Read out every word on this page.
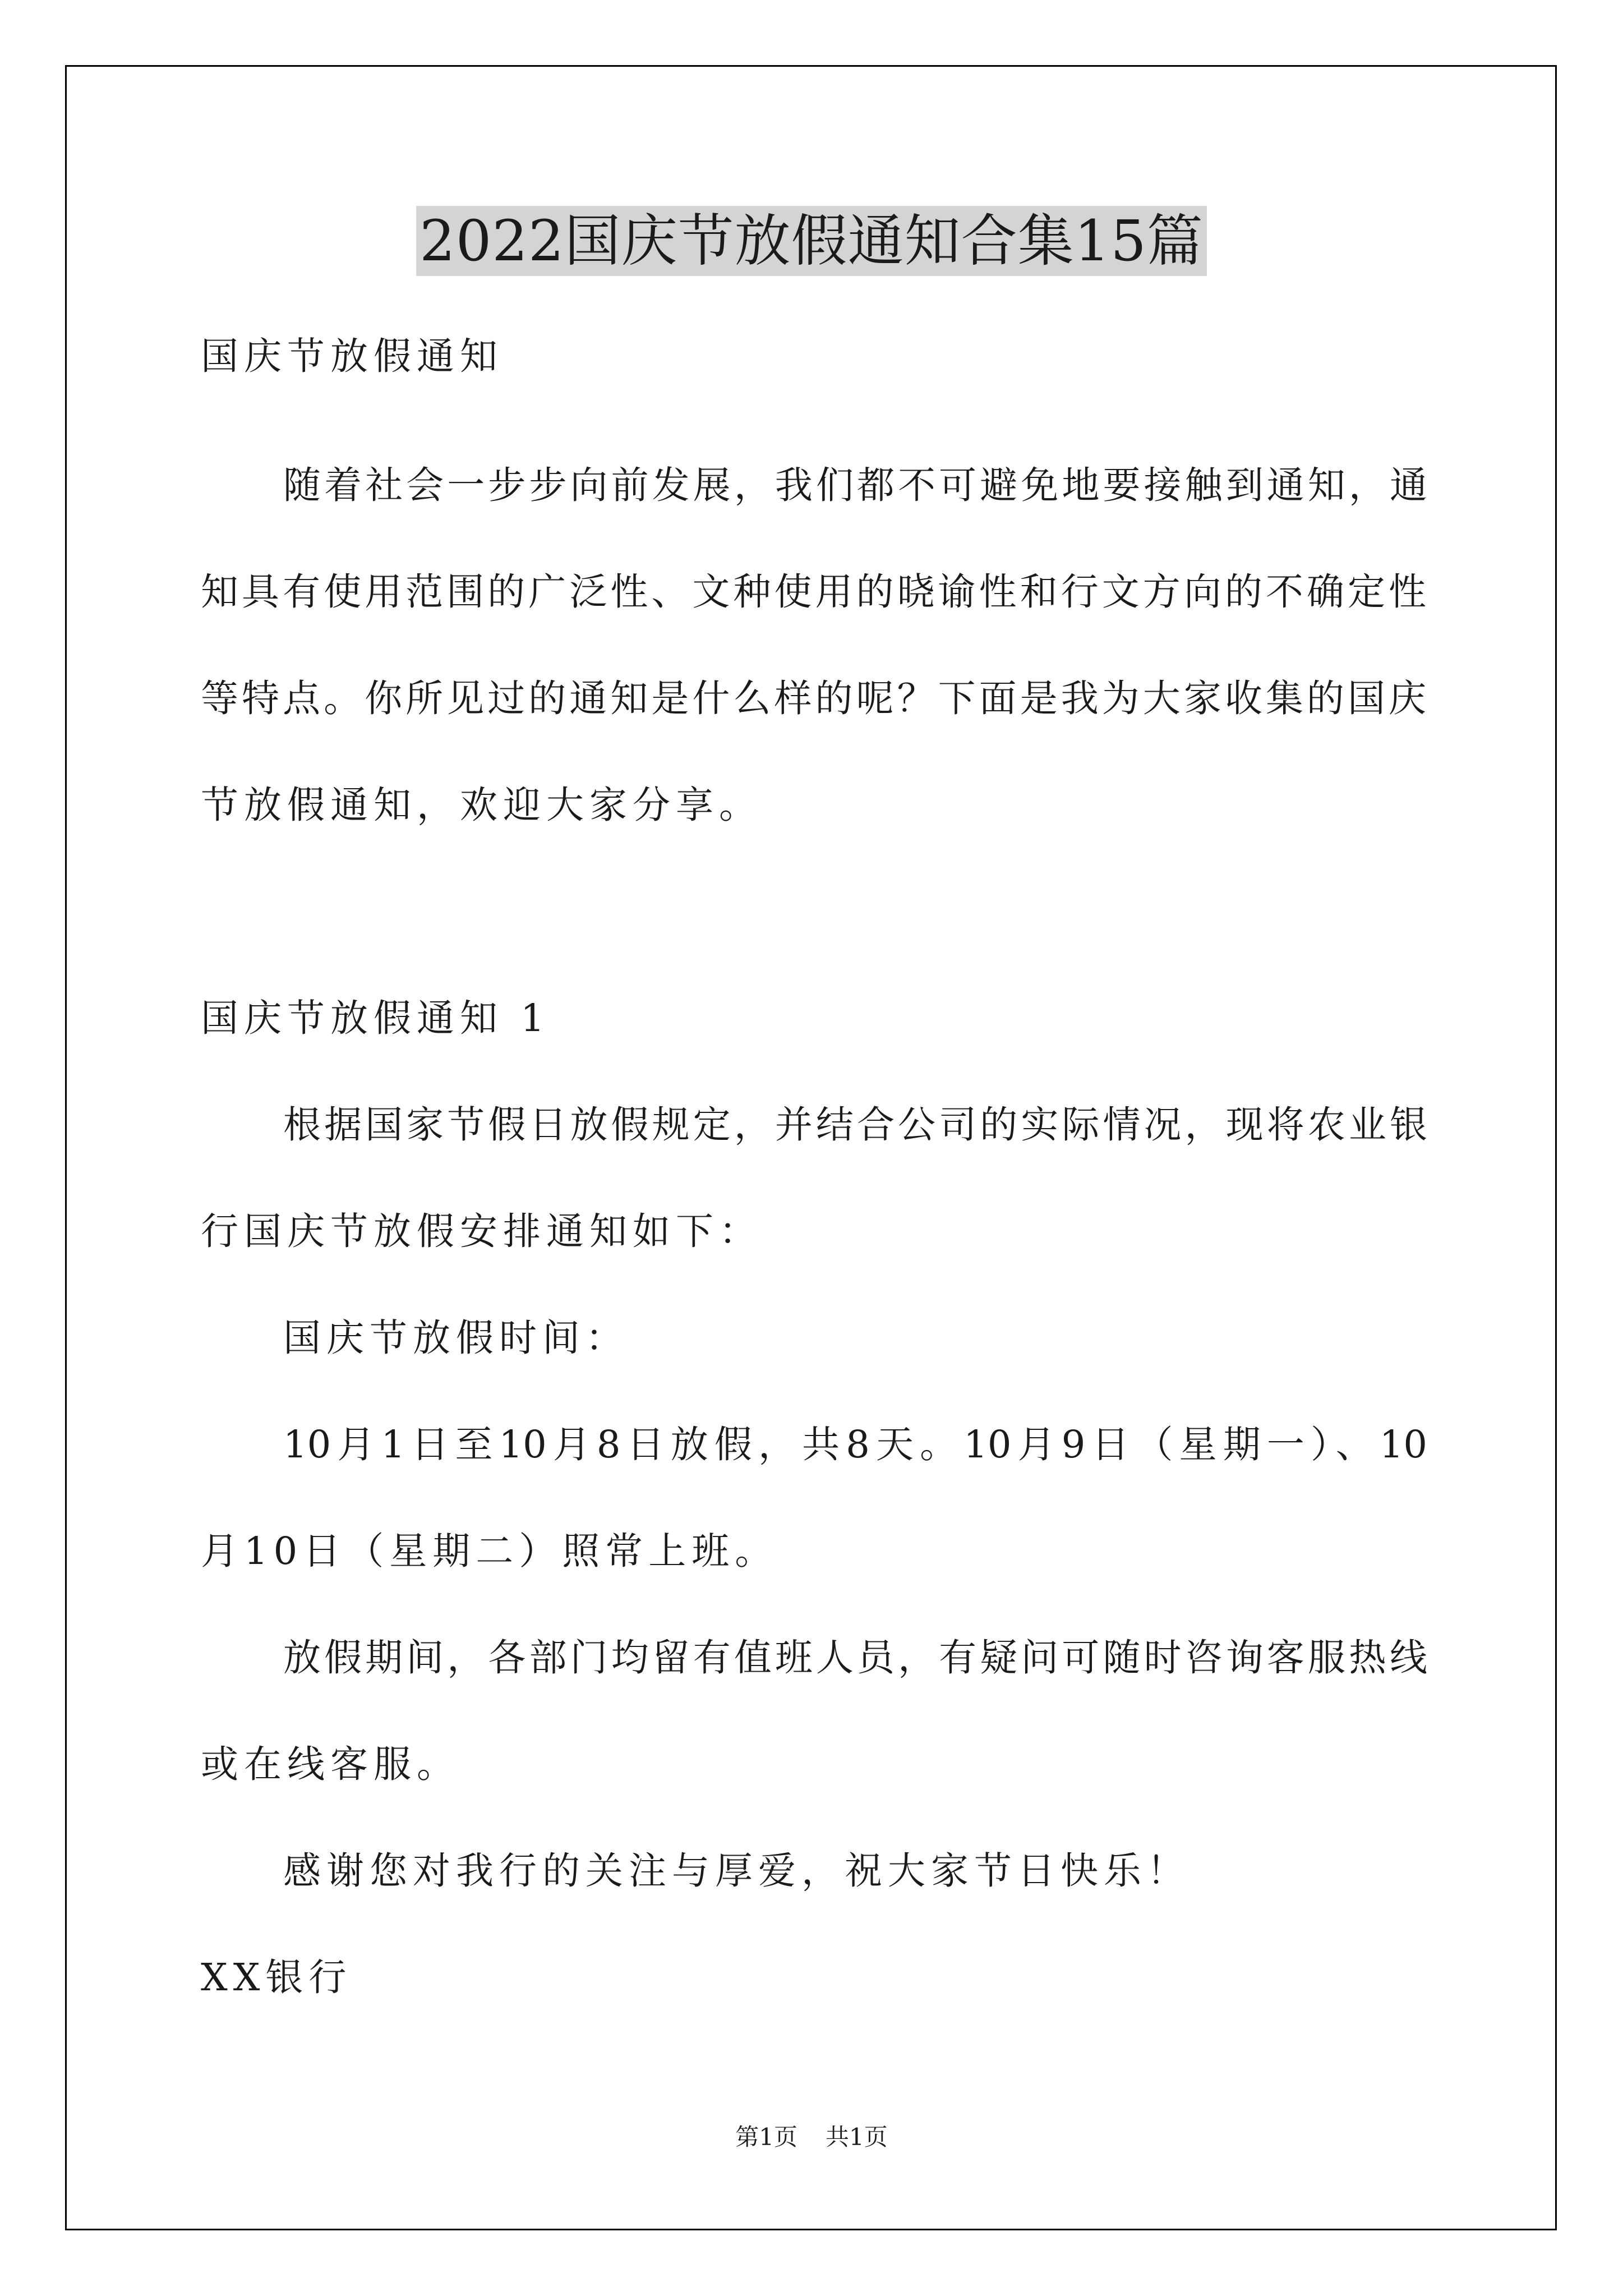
2022国庆节放假通知合集15篇
国庆节放假通知
随着社会一步步向前发展，我们都不可避免地要接触到通知，通
知具有使用范围的广泛性、文种使用的晓谕性和行文方向的不确定性
等特点。你所见过的通知是什么样的呢？下面是我为大家收集的国庆
节放假通知，欢迎大家分享。
国庆节放假通知 1
根据国家节假日放假规定，并结合公司的实际情况，现将农业银
行国庆节放假安排通知如下：
国庆节放假时间：
10月1日至10月8日放假，共8天。10月9日（星期一）、10
月10日（星期二）照常上班。
放假期间，各部门均留有值班人员，有疑问可随时咨询客服热线
或在线客服。
感谢您对我行的关注与厚爱，祝大家节日快乐！
XX银行
第1页 共1页
